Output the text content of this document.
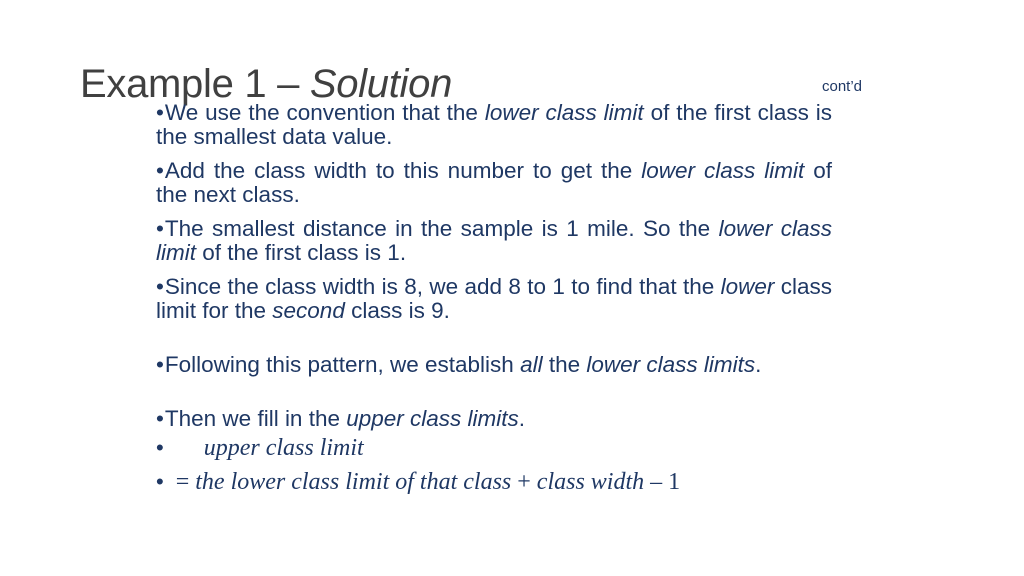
Example 1 – Solution	cont’d

•We use the convention that the lower class limit of the first class is the smallest data value.

•Add the class width to this number to get the lower class limit of the next class.

•The smallest distance in the sample is 1 mile. So the lower class limit of the first class is 1.

•Since the class width is 8, we add 8 to 1 to find that the lower class limit for the second class is 9.

•Following this pattern, we establish all the lower class limits.

•Then we fill in the upper class limits.

• upper class limit
• = the lower class limit of that class + class width – 1
